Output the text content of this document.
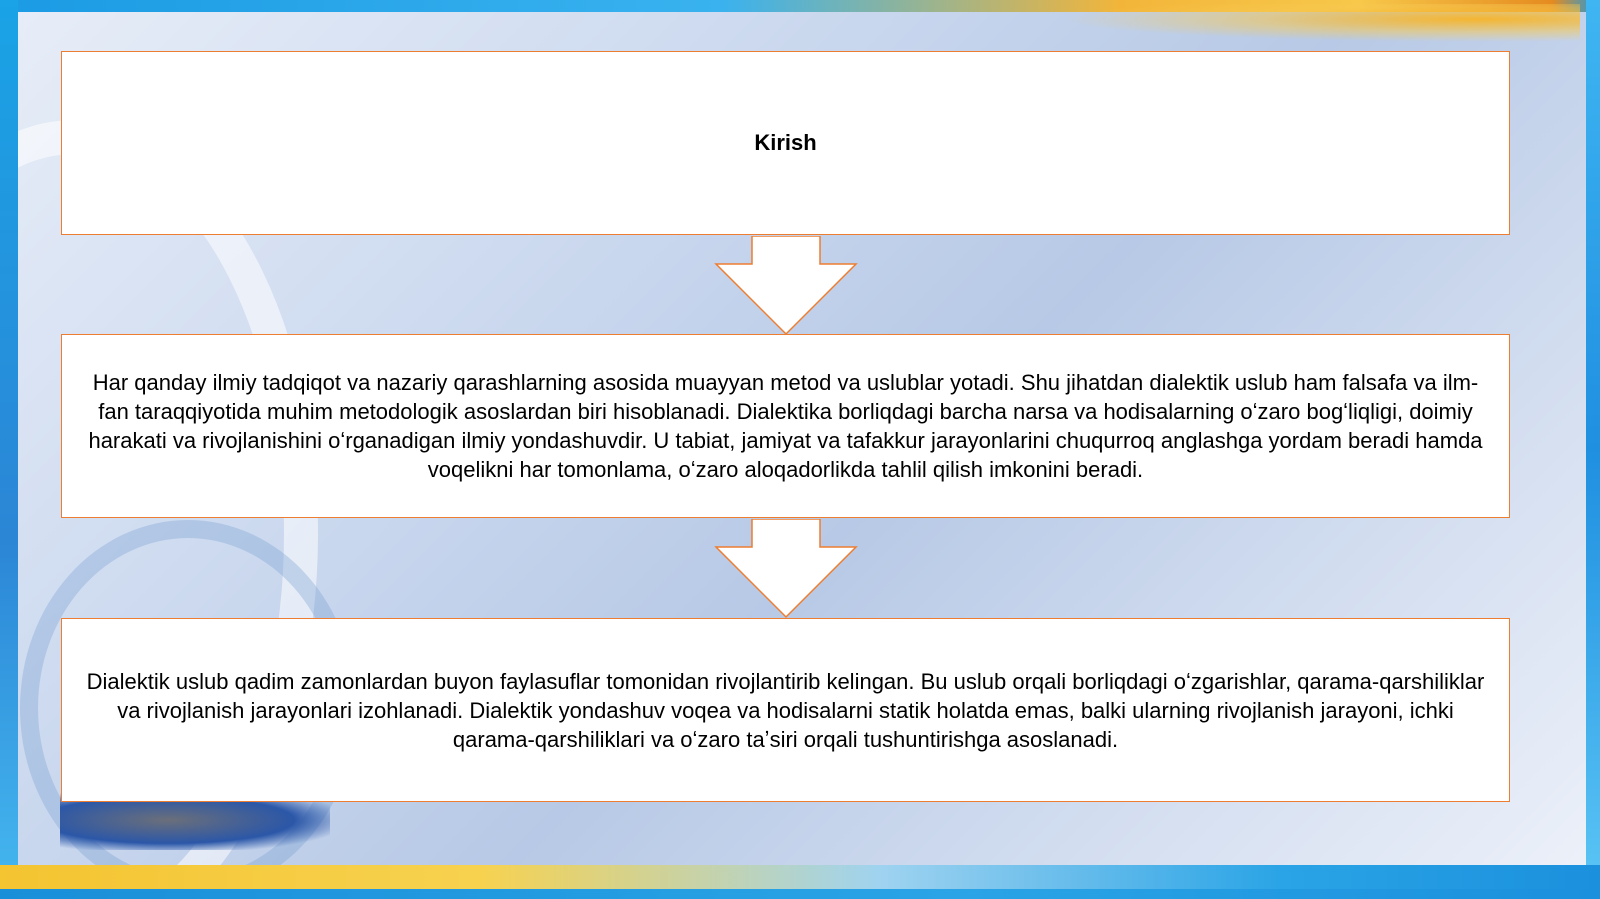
Kirish
Har qanday ilmiy tadqiqot va nazariy qarashlarning asosida muayyan metod va uslublar yotadi. Shu jihatdan dialektik uslub ham falsafa va ilm-fan taraqqiyotida muhim metodologik asoslardan biri hisoblanadi. Dialektika borliqdagi barcha narsa va hodisalarning oʻzaro bogʻliqligi, doimiy harakati va rivojlanishini oʻrganadigan ilmiy yondashuvdir. U tabiat, jamiyat va tafakkur jarayonlarini chuqurroq anglashga yordam beradi hamda voqelikni har tomonlama, oʻzaro aloqadorlikda tahlil qilish imkonini beradi.
Dialektik uslub qadim zamonlardan buyon faylasuflar tomonidan rivojlantirib kelingan. Bu uslub orqali borliqdagi oʻzgarishlar, qarama-qarshiliklar va rivojlanish jarayonlari izohlanadi. Dialektik yondashuv voqea va hodisalarni statik holatda emas, balki ularning rivojlanish jarayoni, ichki qarama-qarshiliklari va oʻzaro taʼsiri orqali tushuntirishga asoslanadi.
